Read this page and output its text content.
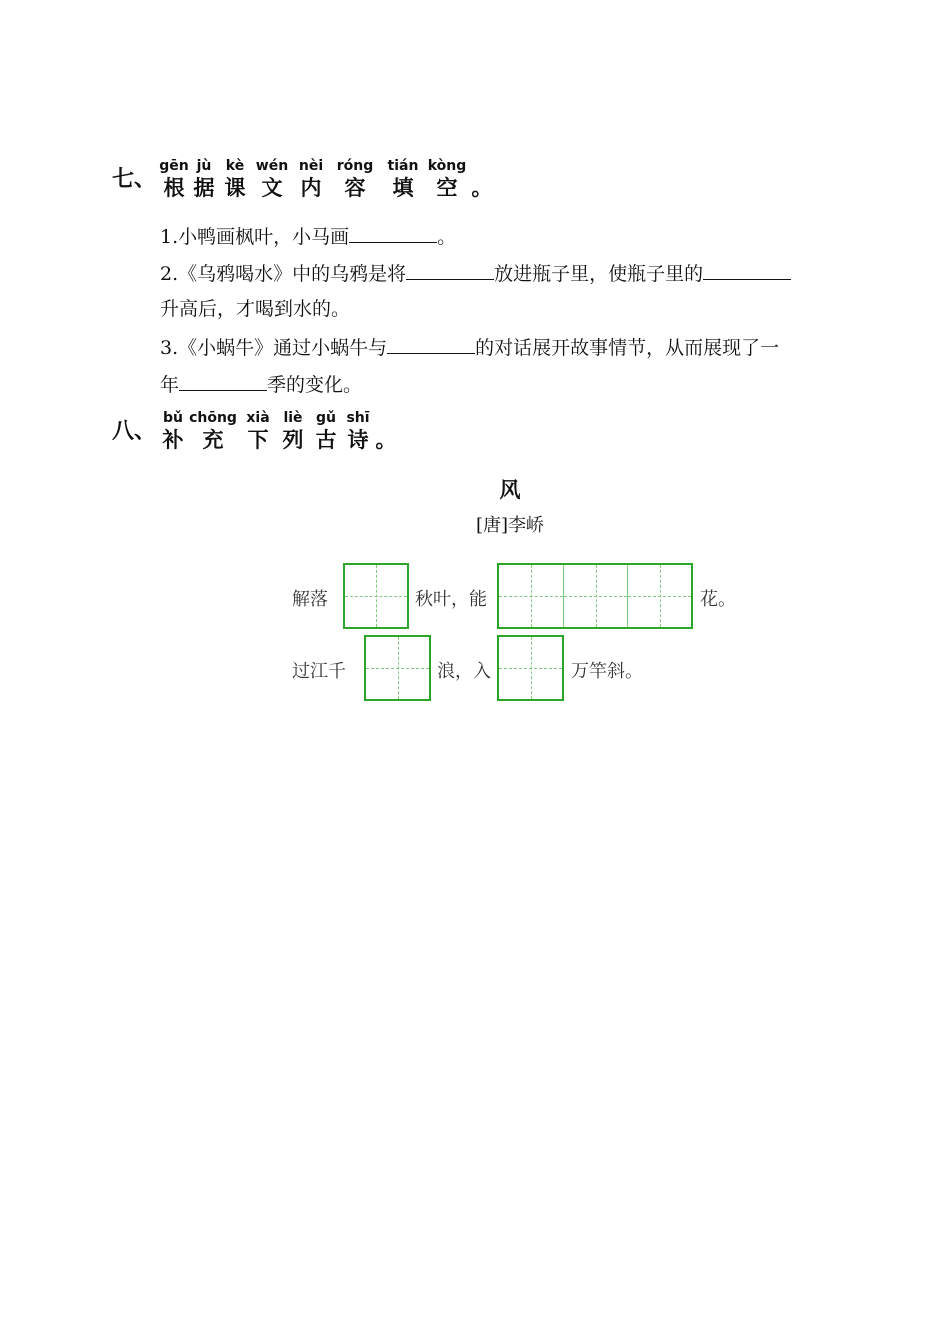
七、
gēn
根
jù
据
kè
课
wén
文
nèi
内
róng
容
tián
填
kòng
空
。
1.小鸭画枫叶，小马画	。
2.《乌鸦喝水》中的乌鸦是将	放进瓶子里，使瓶子里的
升高后，才喝到水的。
3.《小蜗牛》通过小蜗牛与	的对话展开故事情节，从而展现了一
年	季的变化。
八、
bǔ
补
chōng
充
xià
下
liè
列
gǔ
古
shī
诗
。
风
[唐]李峤
解落	秋叶，能	花。
过江千	浪，入	万竿斜。
